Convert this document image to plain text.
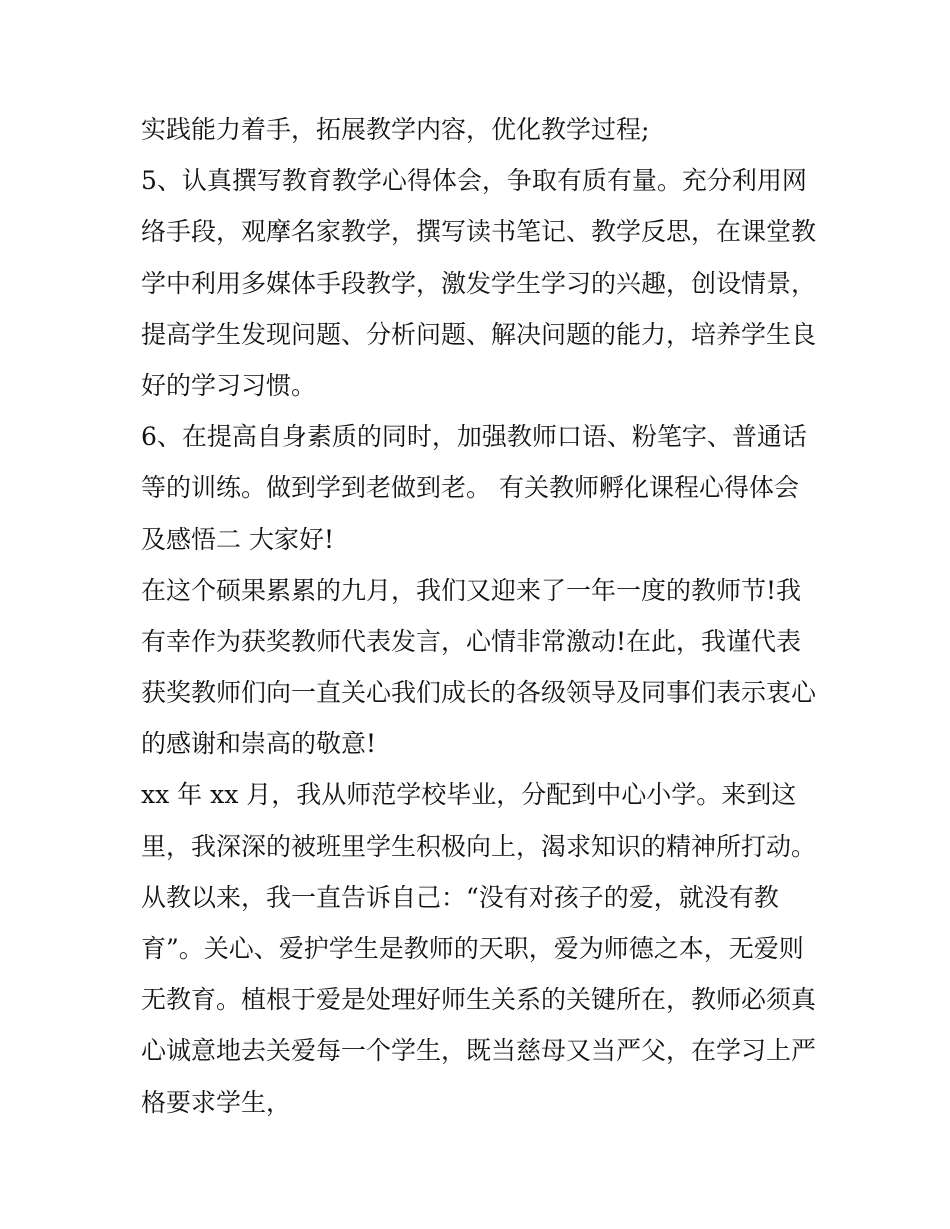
实践能力着手，拓展教学内容，优化教学过程;
5、认真撰写教育教学心得体会，争取有质有量。充分利用网
络手段，观摩名家教学，撰写读书笔记、教学反思，在课堂教
学中利用多媒体手段教学，激发学生学习的兴趣，创设情景，
提高学生发现问题、分析问题、解决问题的能力，培养学生良
好的学习习惯。
6、在提高自身素质的同时，加强教师口语、粉笔字、普通话
等的训练。做到学到老做到老。 有关教师孵化课程心得体会
及感悟二 大家好!
在这个硕果累累的九月，我们又迎来了一年一度的教师节!我
有幸作为获奖教师代表发言，心情非常激动!在此，我谨代表
获奖教师们向一直关心我们成长的各级领导及同事们表示衷心
的感谢和崇高的敬意!
xx 年 xx 月，我从师范学校毕业，分配到中心小学。来到这
里，我深深的被班里学生积极向上，渴求知识的精神所打动。
从教以来，我一直告诉自己：“没有对孩子的爱，就没有教
育”。关心、爱护学生是教师的天职，爱为师德之本，无爱则
无教育。植根于爱是处理好师生关系的关键所在，教师必须真
心诚意地去关爱每一个学生，既当慈母又当严父，在学习上严
格要求学生，
